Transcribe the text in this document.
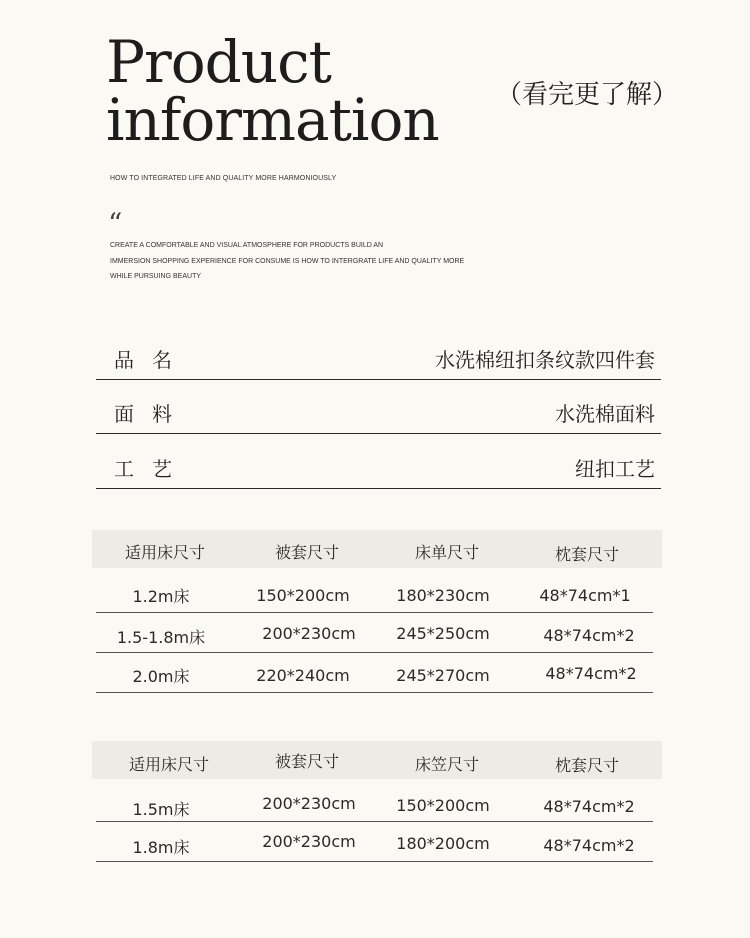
Product
information （看完更了解）
HOW TO INTEGRATED LIFE AND QUALITY MORE HARMONIOUSLY
“
CREATE A COMFORTABLE AND VISUAL ATMOSPHERE FOR PRODUCTS BUILD AN
IMMERSION SHOPPING EXPERIENCE FOR CONSUME IS HOW TO INTERGRATE LIFE AND QUALITY MORE
WHILE PURSUING BEAUTY
品名	水洗棉纽扣条纹款四件套
面料	水洗棉面料
工艺	纽扣工艺
适用床尺寸	被套尺寸	床单尺寸	枕套尺寸
1.2m床	150*200cm	180*230cm	48*74cm*1
1.5-1.8m床	200*230cm	245*250cm	48*74cm*2
2.0m床	220*240cm	245*270cm	48*74cm*2
适用床尺寸	被套尺寸	床笠尺寸	枕套尺寸
1.5m床	200*230cm	150*200cm	48*74cm*2
1.8m床	200*230cm	180*200cm	48*74cm*2
